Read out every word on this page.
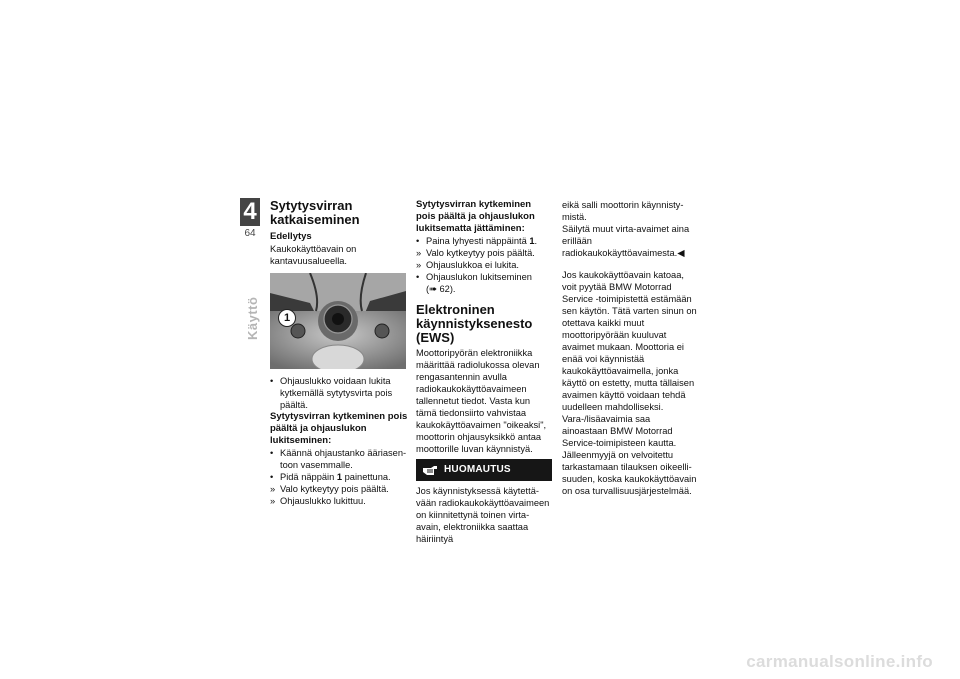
4
64
Käyttö

Sytytysvirran katkaiseminen

Edellytys

Kaukokäyttöavain on kantavuusalueella.

1

• Ohjauslukko voidaan lukita kytkemällä sytytysvirta pois päältä.

Sytytysvirran kytkeminen pois päältä ja ohjauslukon lukitseminen:

• Käännä ohjaustanko ääriasentoon vasemmalle.

• Pidä näppäin 1 painettuna.

» Valo kytkeytyy pois päältä.

» Ohjauslukko lukittuu.

Sytytysvirran kytkeminen pois päältä ja ohjauslukon lukitsematta jättäminen:

• Paina lyhyesti näppäintä 1.

» Valo kytkeytyy pois päältä.

» Ohjauslukkoa ei lukita.

• Ohjauslukon lukitseminen
(➠ 62).

Elektroninen käynnistyksenesto (EWS)

Moottoripyörän elektroniikka määrittää radiolukossa olevan rengasantennin avulla radiokaukokäyttöavaimeen tallennetut tiedot. Vasta kun tämä tiedonsiirto vahvistaa kaukokäyttöavaimen "oikeaksi", moottorin ohjausyksikkö antaa moottorille luvan käynnistyä.

HUOMAUTUS

Jos käynnistyksessä käytettävään radiokaukokäyttöavaimeen on kiinnitettynä toinen virta-avain, elektroniikka saattaa häiriintyä

eikä salli moottorin käynnistymistä.

Säilytä muut virta-avaimet aina erillään radiokaukokäyttöavaimesta.◀

Jos kaukokäyttöavain katoaa, voit pyytää BMW Motorrad Service -toimipistettä estämään sen käytön. Tätä varten sinun on otettava kaikki muut moottoripyörään kuuluvat avaimet mukaan. Moottoria ei enää voi käynnistää kaukokäyttöavaimella, jonka käyttö on estetty, mutta tällaisen avaimen käyttö voidaan tehdä uudelleen mahdolliseksi. Vara-/lisäavaimia saa ainoastaan BMW Motorrad Service-toimipisteen kautta. Jälleenmyyjä on velvoitettu tarkastamaan tilauksen oikeellisuuden, koska kaukokäyttöavain on osa turvallisuusjärjestelmää.

carmanualsonline.info
